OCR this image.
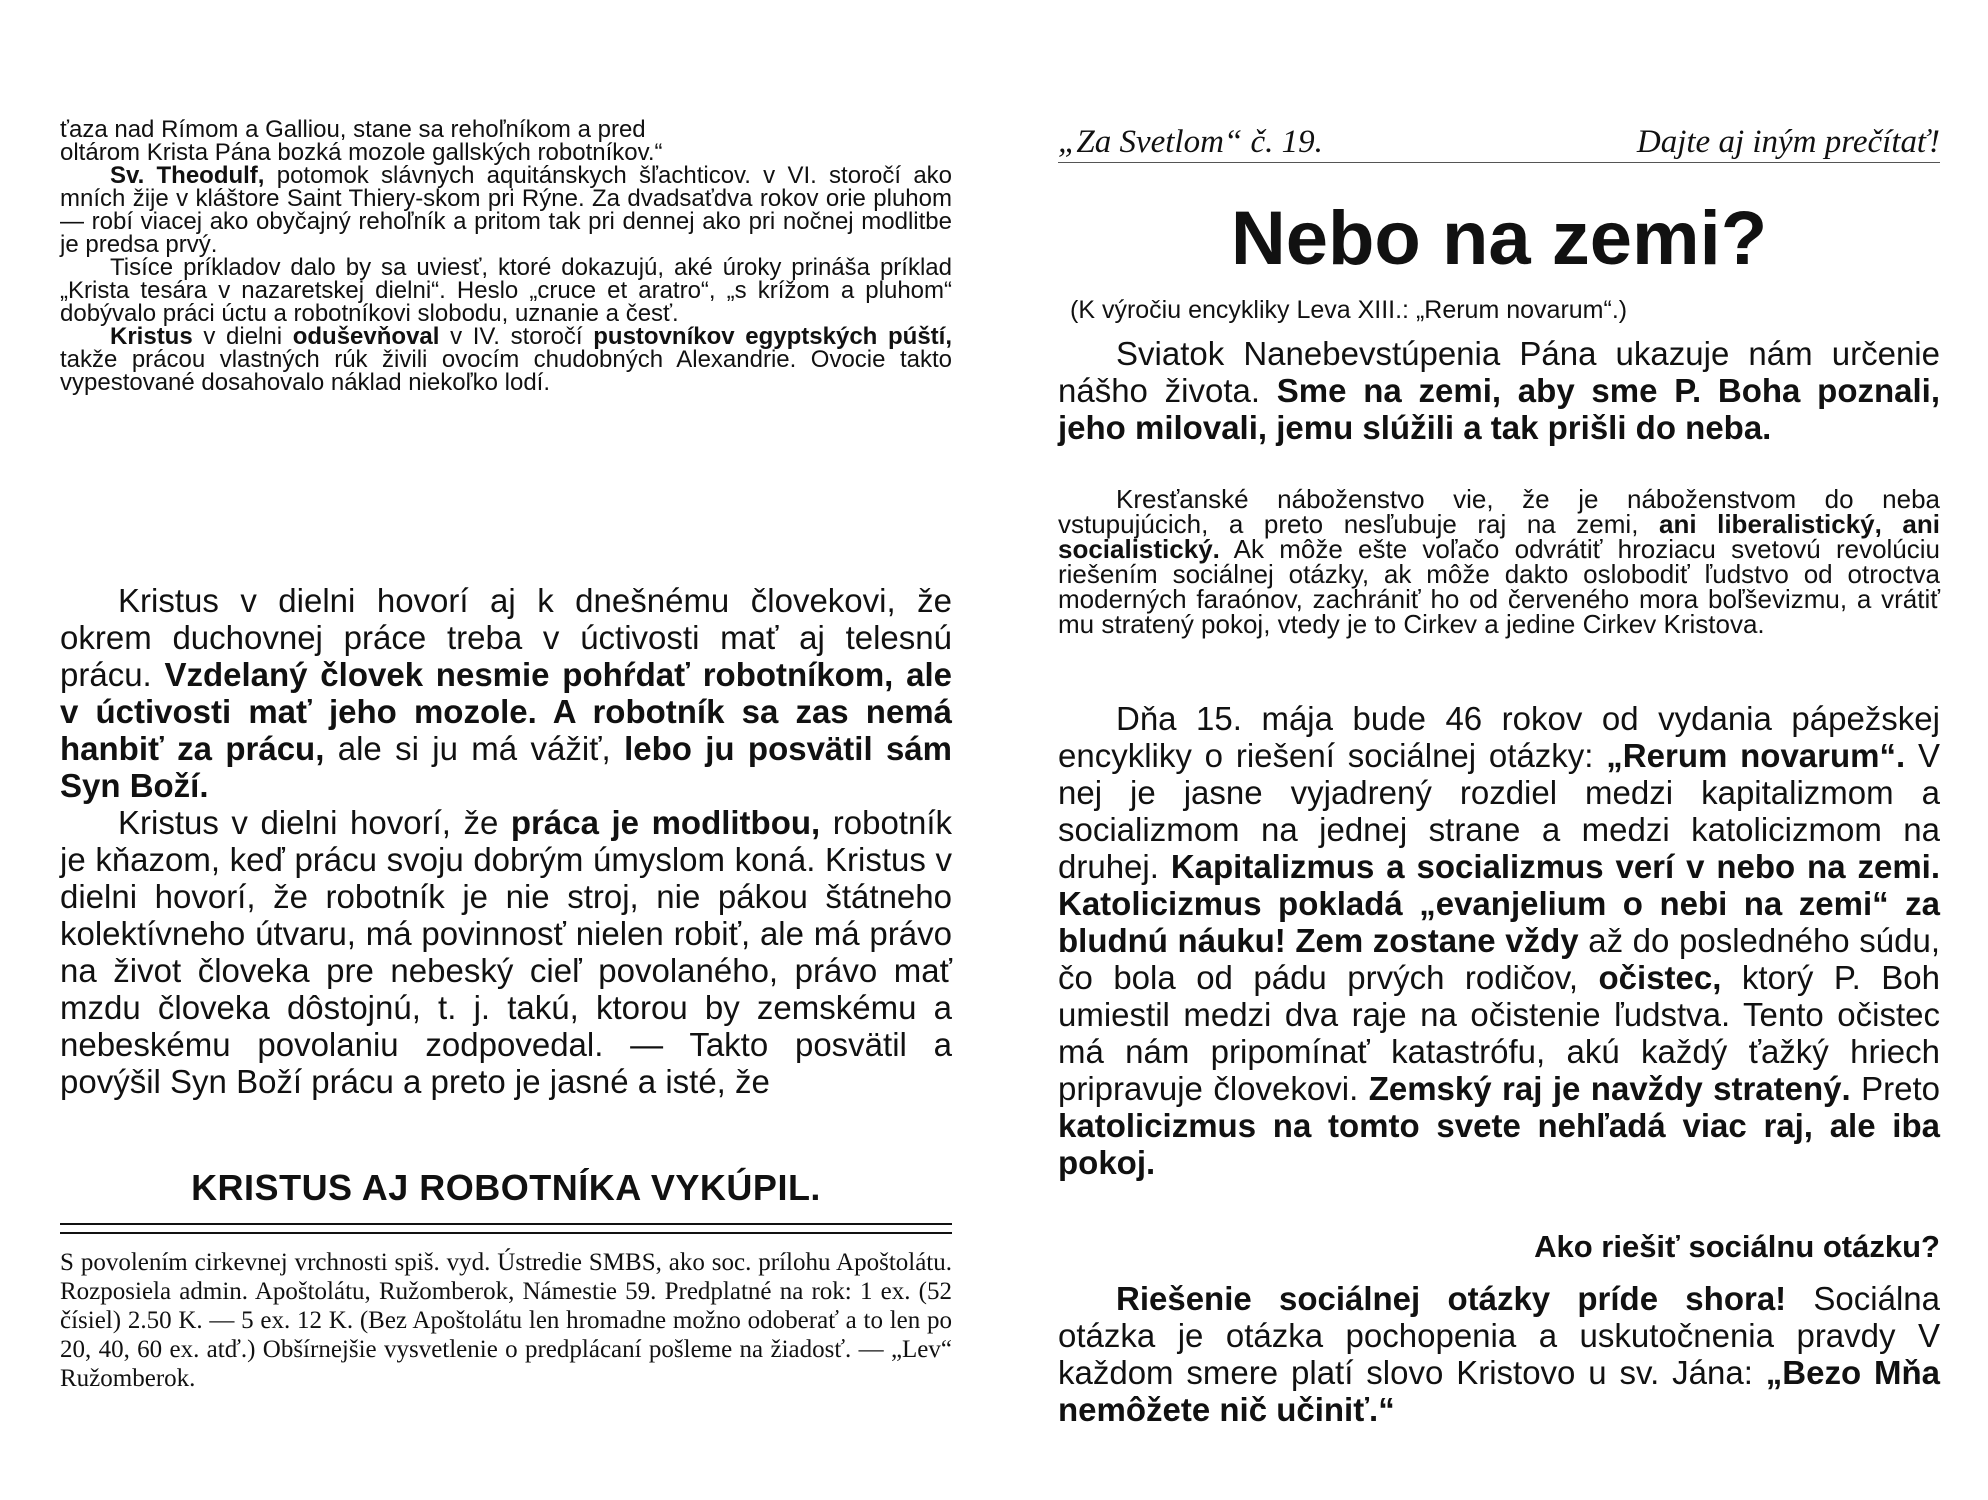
ťaza nad Rímom a Galliou, stane sa rehoľníkom a pred
oltárom Krista Pána bozká mozole gallských robotníkov.“

Sv. Theodulf, potomok slávnych aquitánskych šľachticov. v VI. storočí ako mních žije v kláštore Saint Thiery-skom pri Rýne. Za dvadsaťdva rokov orie pluhom — robí viacej ako obyčajný rehoľník a pritom tak pri dennej ako pri nočnej modlitbe je predsa prvý.

Tisíce príkladov dalo by sa uviesť, ktoré dokazujú, aké úroky prináša príklad „Krista tesára v nazaretskej dielni“. Heslo „cruce et aratro“, „s krížom a pluhom“ dobývalo práci úctu a robotníkovi slobodu, uznanie a česť.

Kristus v dielni oduševňoval v IV. storočí pustovníkov egyptských púští, takže prácou vlastných rúk živili ovocím chudobných Alexandrie. Ovocie takto vypestované dosahovalo náklad niekoľko lodí.

Kristus v dielni hovorí aj k dnešnému človekovi, že okrem duchovnej práce treba v úctivosti mať aj telesnú prácu. Vzdelaný človek nesmie pohŕdať robotníkom, ale v úctivosti mať jeho mozole. A robotník sa zas nemá hanbiť za prácu, ale si ju má vážiť, lebo ju posvätil sám Syn Boží.

Kristus v dielni hovorí, že práca je modlitbou, robotník je kňazom, keď prácu svoju dobrým úmyslom koná. Kristus v dielni hovorí, že robotník je nie stroj, nie pákou štátneho kolektívneho útvaru, má povinnosť nielen robiť, ale má právo na život človeka pre nebeský cieľ povolaného, právo mať mzdu človeka dôstojnú, t. j. takú, ktorou by zemskému a nebeskému povolaniu zodpovedal. — Takto posvätil a povýšil Syn Boží prácu a preto je jasné a isté, že

KRISTUS AJ ROBOTNÍKA VYKÚPIL.
S povolením cirkevnej vrchnosti spiš. vyd. Ústredie SMBS, ako soc. prílohu Apoštolátu. Rozposiela admin. Apoštolátu, Ružomberok, Námestie 59. Predplatné na rok: 1 ex. (52 čísiel) 2.50 K. — 5 ex. 12 K. (Bez Apoštolátu len hromadne možno odoberať a to len po 20, 40, 60 ex. atď.) Obšírnejšie vysvetlenie o predplácaní pošleme na žiadosť. — „Lev“ Ružomberok.
„Za Svetlom“ č. 19.	Dajte aj iným prečítať!
Nebo na zemi?
(K výročiu encykliky Leva XIII.: „Rerum novarum“.)

Sviatok Nanebevstúpenia Pána ukazuje nám určenie nášho života. Sme na zemi, aby sme P. Boha poznali, jeho milovali, jemu slúžili a tak prišli do neba.

Kresťanské náboženstvo vie, že je náboženstvom do neba vstupujúcich, a preto nesľubuje raj na zemi, ani liberalistický, ani socialistický. Ak môže ešte voľačo odvrátiť hroziacu svetovú revolúciu riešením sociálnej otázky, ak môže dakto oslobodiť ľudstvo od otroctva moderných faraónov, zachrániť ho od červeného mora boľševizmu, a vrátiť mu stratený pokoj, vtedy je to Cirkev a jedine Cirkev Kristova.

Dňa 15. mája bude 46 rokov od vydania pápežskej encykliky o riešení sociálnej otázky: „Rerum novarum“. V nej je jasne vyjadrený rozdiel medzi kapitalizmom a socializmom na jednej strane a medzi katolicizmom na druhej. Kapitalizmus a socializmus verí v nebo na zemi. Katolicizmus pokladá „evanjelium o nebi na zemi“ za bludnú náuku! Zem zostane vždy až do posledného súdu, čo bola od pádu prvých rodičov, očistec, ktorý P. Boh umiestil medzi dva raje na očistenie ľudstva. Tento očistec má nám pripomínať katastrófu, akú každý ťažký hriech pripravuje človekovi. Zemský raj je navždy stratený. Preto katolicizmus na tomto svete nehľadá viac raj, ale iba pokoj.

Ako riešiť sociálnu otázku?

Riešenie sociálnej otázky príde shora! Sociálna otázka je otázka pochopenia a uskutočnenia pravdy V každom smere platí slovo Kristovo u sv. Jána: „Bezo Mňa nemôžete nič učiniť.“
